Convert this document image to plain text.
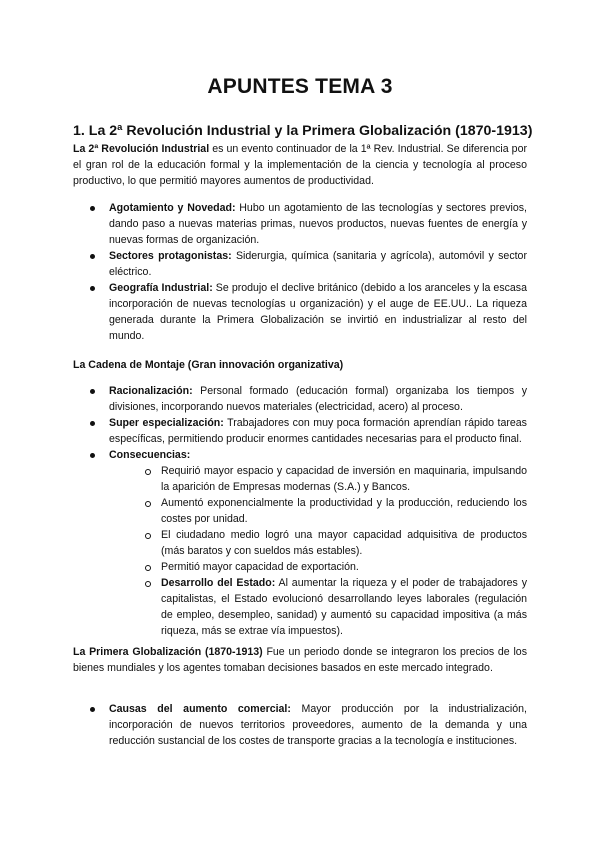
APUNTES TEMA 3
1. La 2ª Revolución Industrial y la Primera Globalización (1870-1913)

La 2ª Revolución Industrial es un evento continuador de la 1ª Rev. Industrial. Se diferencia por el gran rol de la educación formal y la implementación de la ciencia y tecnología al proceso productivo, lo que permitió mayores aumentos de productividad.

Agotamiento y Novedad: Hubo un agotamiento de las tecnologías y sectores previos, dando paso a nuevas materias primas, nuevos productos, nuevas fuentes de energía y nuevas formas de organización.
Sectores protagonistas: Siderurgia, química (sanitaria y agrícola), automóvil y sector eléctrico.
Geografía Industrial: Se produjo el declive británico (debido a los aranceles y la escasa incorporación de nuevas tecnologías u organización) y el auge de EE.UU.. La riqueza generada durante la Primera Globalización se invirtió en industrializar al resto del mundo.

La Cadena de Montaje (Gran innovación organizativa)

Racionalización: Personal formado (educación formal) organizaba los tiempos y divisiones, incorporando nuevos materiales (electricidad, acero) al proceso.
Super especialización: Trabajadores con muy poca formación aprendían rápido tareas específicas, permitiendo producir enormes cantidades necesarias para el producto final.
Consecuencias:
Requirió mayor espacio y capacidad de inversión en maquinaria, impulsando la aparición de Empresas modernas (S.A.) y Bancos.
Aumentó exponencialmente la productividad y la producción, reduciendo los costes por unidad.
El ciudadano medio logró una mayor capacidad adquisitiva de productos (más baratos y con sueldos más estables).
Permitió mayor capacidad de exportación.
Desarrollo del Estado: Al aumentar la riqueza y el poder de trabajadores y capitalistas, el Estado evolucionó desarrollando leyes laborales (regulación de empleo, desempleo, sanidad) y aumentó su capacidad impositiva (a más riqueza, más se extrae vía impuestos).

La Primera Globalización (1870-1913) Fue un periodo donde se integraron los precios de los bienes mundiales y los agentes tomaban decisiones basados en este mercado integrado.

Causas del aumento comercial: Mayor producción por la industrialización, incorporación de nuevos territorios proveedores, aumento de la demanda y una reducción sustancial de los costes de transporte gracias a la tecnología e instituciones.
